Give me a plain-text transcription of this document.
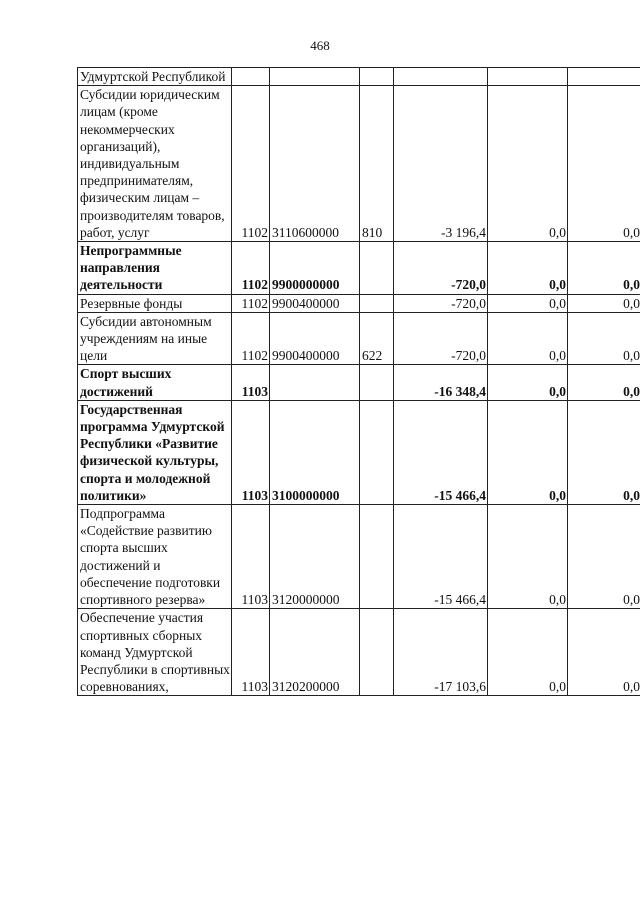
468
Удмуртской Республикой						

Субсидии юридическим лицам (кроме некоммерческих организаций), индивидуальным предпринимателям, физическим лицам – производителям товаров, работ, услуг	1102	3110600000	810	-3 196,4	0,0	0,0

Непрограммные направления деятельности	1102	9900000000		-720,0	0,0	0,0

Резервные фонды	1102	9900400000		-720,0	0,0	0,0

Субсидии автономным учреждениям на иные цели	1102	9900400000	622	-720,0	0,0	0,0

Спорт высших достижений	1103			-16 348,4	0,0	0,0

Государственная программа Удмуртской Республики «Развитие физической культуры, спорта и молодежной политики»	1103	3100000000		-15 466,4	0,0	0,0

Подпрограмма «Содействие развитию спорта высших достижений и обеспечение подготовки спортивного резерва»	1103	3120000000		-15 466,4	0,0	0,0

Обеспечение участия спортивных сборных команд Удмуртской Республики в спортивных соревнованиях,	1103	3120200000		-17 103,6	0,0	0,0
